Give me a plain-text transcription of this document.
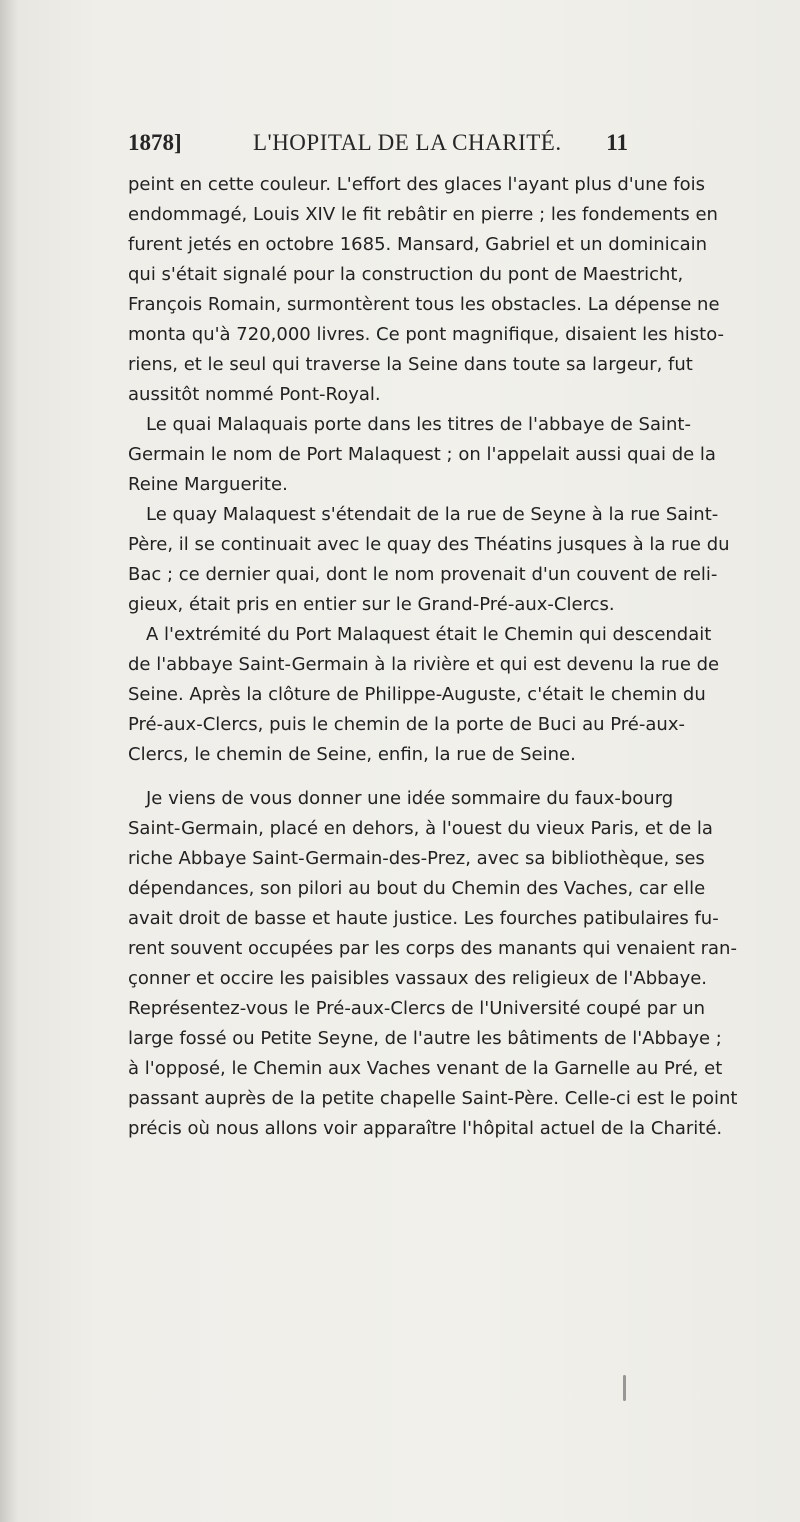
1878]	L'HOPITAL DE LA CHARITÉ. 11
peint en cette couleur. L'effort des glaces l'ayant plus d'une fois
endommagé, Louis XIV le fit rebâtir en pierre ; les fondements en
furent jetés en octobre 1685. Mansard, Gabriel et un dominicain
qui s'était signalé pour la construction du pont de Maestricht,
François Romain, surmontèrent tous les obstacles. La dépense ne
monta qu'à 720,000 livres. Ce pont magnifique, disaient les histo-
riens, et le seul qui traverse la Seine dans toute sa largeur, fut
aussitôt nommé Pont-Royal.
Le quai Malaquais porte dans les titres de l'abbaye de Saint-
Germain le nom de Port Malaquest ; on l'appelait aussi quai de la
Reine Marguerite.
Le quay Malaquest s'étendait de la rue de Seyne à la rue Saint-
Père, il se continuait avec le quay des Théatins jusques à la rue du
Bac ; ce dernier quai, dont le nom provenait d'un couvent de reli-
gieux, était pris en entier sur le Grand-Pré-aux-Clercs.
A l'extrémité du Port Malaquest était le Chemin qui descendait
de l'abbaye Saint-Germain à la rivière et qui est devenu la rue de
Seine. Après la clôture de Philippe-Auguste, c'était le chemin du
Pré-aux-Clercs, puis le chemin de la porte de Buci au Pré-aux-
Clercs, le chemin de Seine, enfin, la rue de Seine.
Je viens de vous donner une idée sommaire du faux-bourg
Saint-Germain, placé en dehors, à l'ouest du vieux Paris, et de la
riche Abbaye Saint-Germain-des-Prez, avec sa bibliothèque, ses
dépendances, son pilori au bout du Chemin des Vaches, car elle
avait droit de basse et haute justice. Les fourches patibulaires fu-
rent souvent occupées par les corps des manants qui venaient ran-
çonner et occire les paisibles vassaux des religieux de l'Abbaye.
Représentez-vous le Pré-aux-Clercs de l'Université coupé par un
large fossé ou Petite Seyne, de l'autre les bâtiments de l'Abbaye ;
à l'opposé, le Chemin aux Vaches venant de la Garnelle au Pré, et
passant auprès de la petite chapelle Saint-Père. Celle-ci est le point
précis où nous allons voir apparaître l'hôpital actuel de la Charité.
